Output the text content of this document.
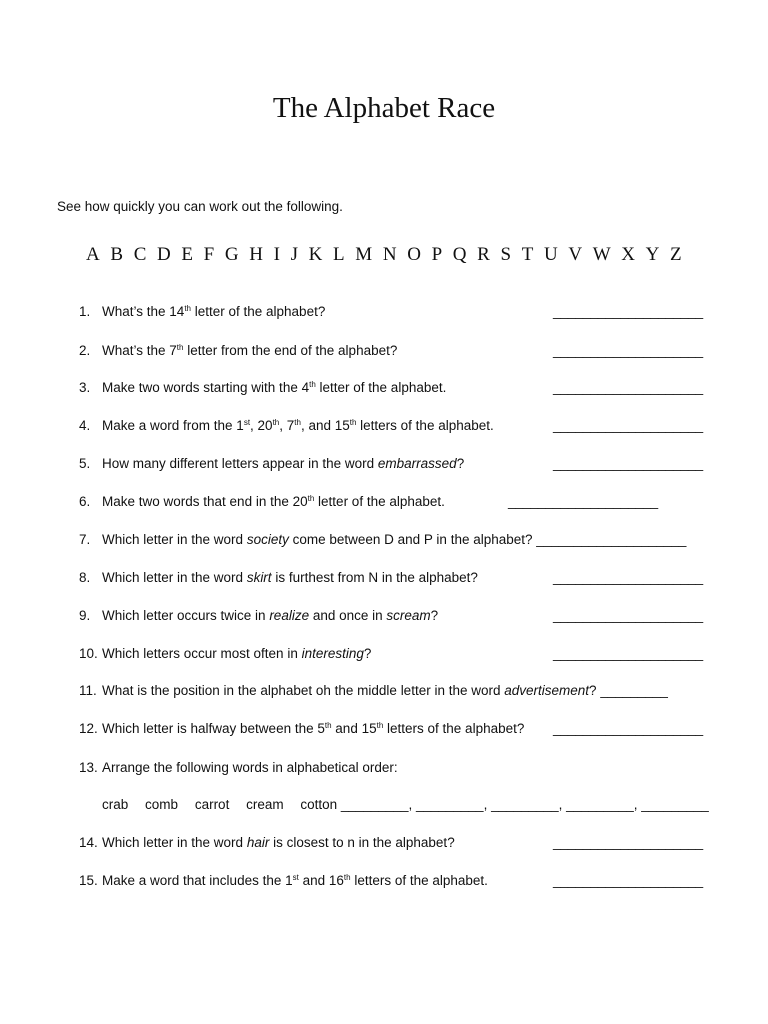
The Alphabet Race
See how quickly you can work out the following.
A B C D E F G H I J K L M N O P Q R S T U V W X Y Z
1. What’s the 14th letter of the alphabet?	____________________
2. What’s the 7th letter from the end of the alphabet?	____________________
3. Make two words starting with the 4th letter of the alphabet.	____________________
4. Make a word from the 1st, 20th, 7th, and 15th letters of the alphabet.	____________________
5. How many different letters appear in the word embarrassed?	____________________
6. Make two words that end in the 20th letter of the alphabet.	____________________
7. Which letter in the word society come between D and P in the alphabet? ____________________
8. Which letter in the word skirt is furthest from N in the alphabet?	____________________
9. Which letter occurs twice in realize and once in scream?	____________________
10. Which letters occur most often in interesting?	____________________
11. What is the position in the alphabet oh the middle letter in the word advertisement? _________
12. Which letter is halfway between the 5th and 15th letters of the alphabet? ____________________
13. Arrange the following words in alphabetical order:
crab comb carrot cream cotton _________, _________, _________, _________, _________
14. Which letter in the word hair is closest to n in the alphabet?	____________________
15. Make a word that includes the 1st and 16th letters of the alphabet.	____________________
